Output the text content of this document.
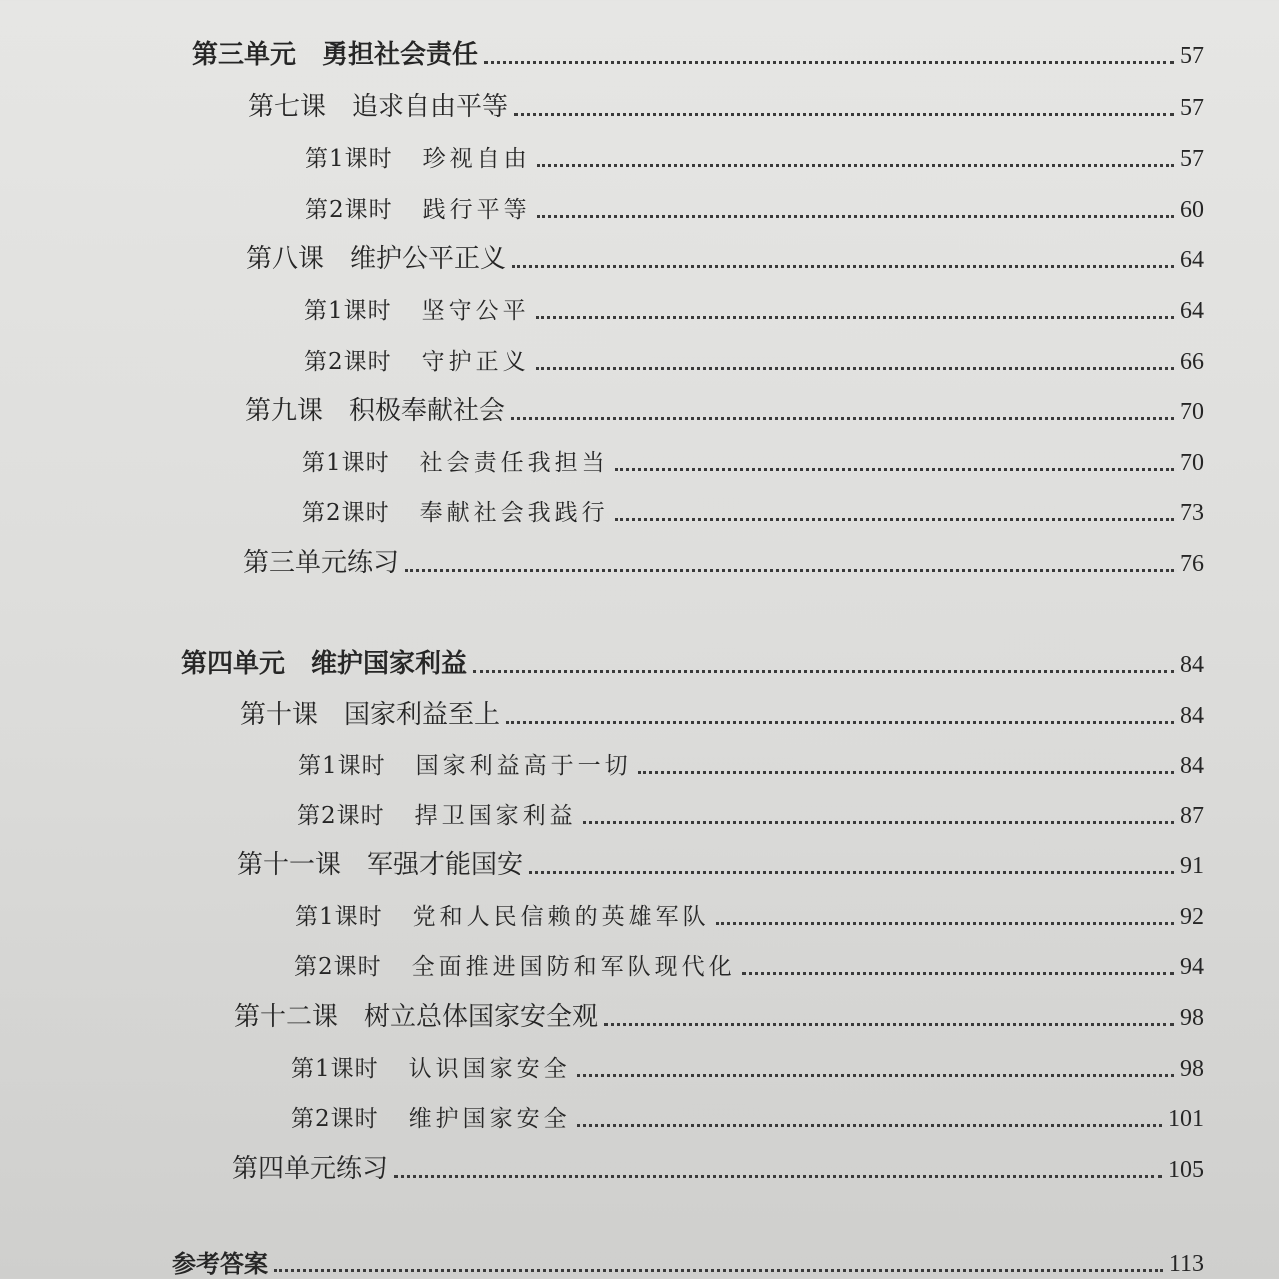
第三单元 勇担社会责任	57
第七课 追求自由平等	57
第1课时 珍视自由	57
第2课时 践行平等	60
第八课 维护公平正义	64
第1课时 坚守公平	64
第2课时 守护正义	66
第九课 积极奉献社会	70
第1课时 社会责任我担当	70
第2课时 奉献社会我践行	73
第三单元练习	76
第四单元 维护国家利益	84
第十课 国家利益至上	84
第1课时 国家利益高于一切	84
第2课时 捍卫国家利益	87
第十一课 军强才能国安	91
第1课时 党和人民信赖的英雄军队	92
第2课时 全面推进国防和军队现代化	94
第十二课 树立总体国家安全观	98
第1课时 认识国家安全	98
第2课时 维护国家安全	101
第四单元练习	105
参考答案	113
